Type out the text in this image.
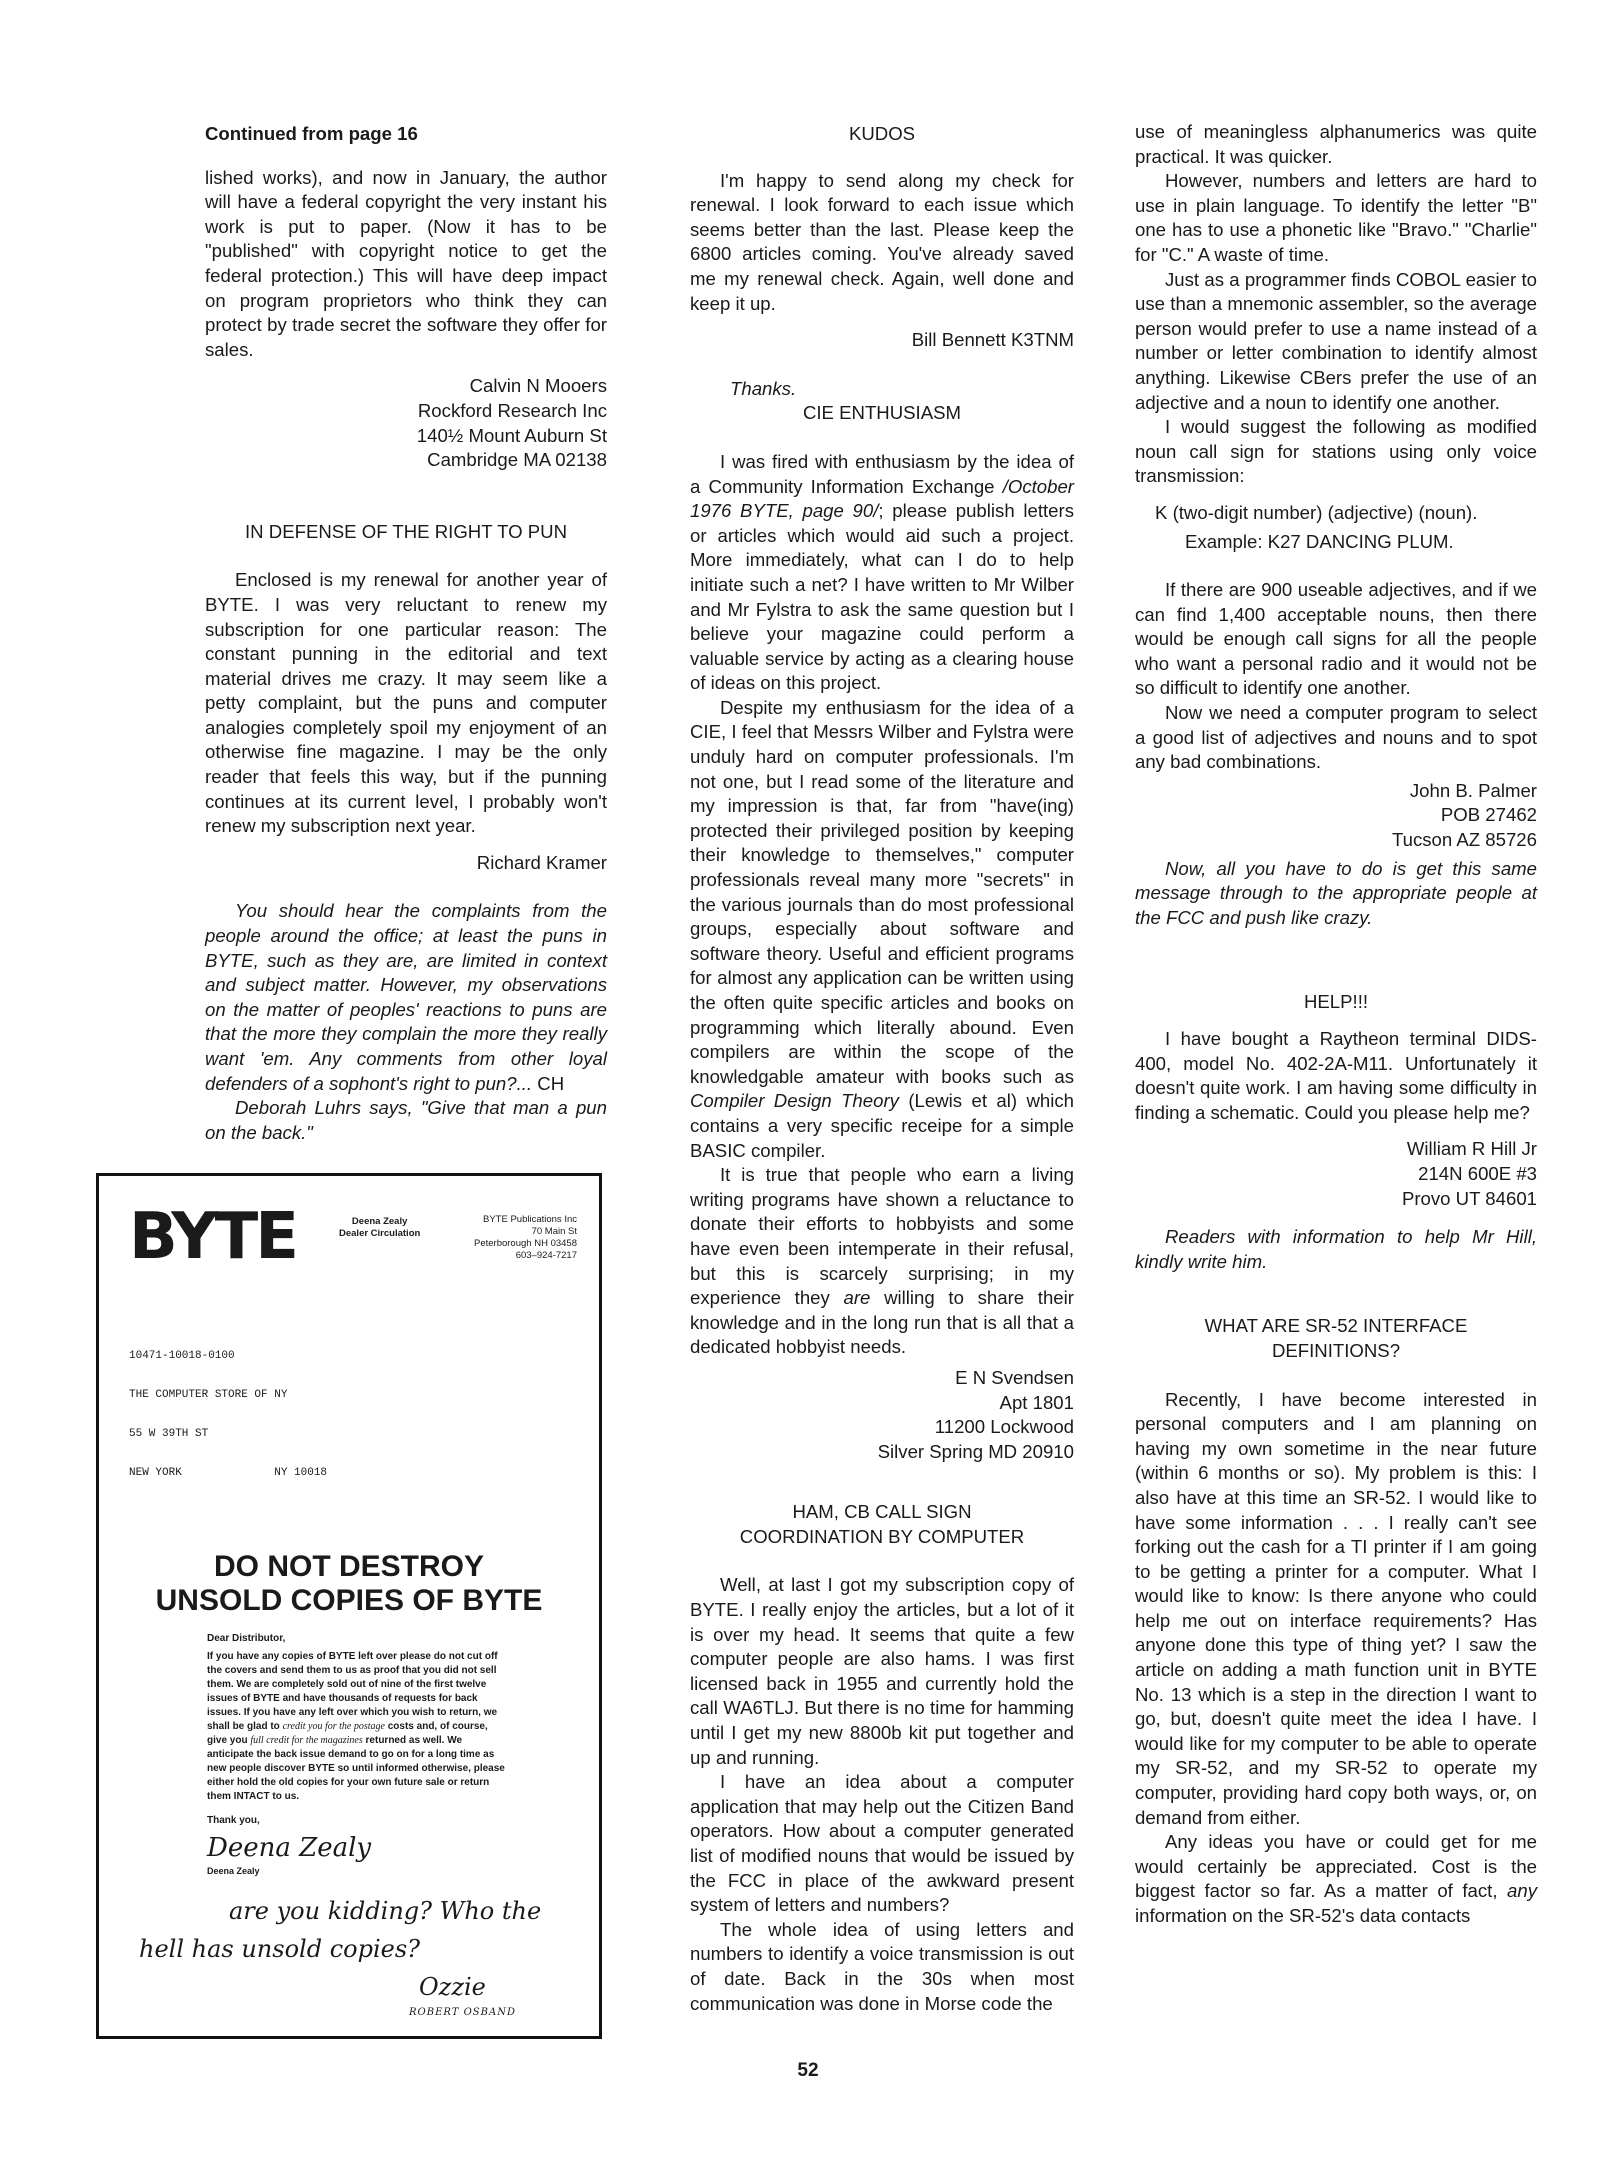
Continued from page 16

lished works), and now in January, the author will have a federal copyright the very instant his work is put to paper. (Now it has to be "published" with copyright notice to get the federal protection.) This will have deep impact on program proprietors who think they can protect by trade secret the software they offer for sales.

Calvin N Mooers

Rockford Research Inc

140½ Mount Auburn St

Cambridge MA 02138

IN DEFENSE OF THE RIGHT TO PUN

Enclosed is my renewal for another year of BYTE. I was very reluctant to renew my subscription for one particular reason: The constant punning in the editorial and text material drives me crazy. It may seem like a petty complaint, but the puns and computer analogies completely spoil my enjoyment of an otherwise fine magazine. I may be the only reader that feels this way, but if the punning continues at its current level, I probably won't renew my subscription next year.

Richard Kramer

You should hear the complaints from the people around the office; at least the puns in BYTE, such as they are, are limited in context and subject matter. However, my observations on the matter of peoples' reactions to puns are that the more they complain the more they really want 'em. Any comments from other loyal defenders of a sophont's right to pun?... CH

Deborah Luhrs says, "Give that man a pun on the back."

BYTE	Deena Zealy
Dealer Circulation
BYTE Publications Inc
70 Main St
Peterborough NH 03458
603–924-7217

10471-10018-0100

THE COMPUTER STORE OF NY

55 W 39TH ST

NEW YORK              NY 10018

DO NOT DESTROY
UNSOLD COPIES OF BYTE
Dear Distributor,
If you have any copies of BYTE left over please do not cut off the covers and send them to us as proof that you did not sell them. We are completely sold out of nine of the first twelve issues of BYTE and have thousands of requests for back issues. If you have any left over which you wish to return, we shall be glad to credit you for the postage costs and, of course, give you full credit for the magazines returned as well. We anticipate the back issue demand to go on for a long time as new people discover BYTE so until informed otherwise, please either hold the old copies for your own future sale or return them INTACT to us.
Thank you,
Deena Zealy
Deena Zealy
are you kidding? Who the
hell has unsold copies?
Ozzie
ROBERT OSBAND
KUDOS

I'm happy to send along my check for renewal. I look forward to each issue which seems better than the last. Please keep the 6800 articles coming. You've already saved me my renewal check. Again, well done and keep it up.

Bill Bennett K3TNM

Thanks.

CIE ENTHUSIASM

I was fired with enthusiasm by the idea of a Community Information Exchange /October 1976 BYTE, page 90/; please publish letters or articles which would aid such a project. More immediately, what can I do to help initiate such a net? I have written to Mr Wilber and Mr Fylstra to ask the same question but I believe your magazine could perform a valuable service by acting as a clearing house of ideas on this project.

Despite my enthusiasm for the idea of a CIE, I feel that Messrs Wilber and Fylstra were unduly hard on computer professionals. I'm not one, but I read some of the literature and my impression is that, far from "have(ing) protected their privileged position by keeping their knowledge to themselves," computer professionals reveal many more "secrets" in the various journals than do most professional groups, especially about software and software theory. Useful and efficient programs for almost any application can be written using the often quite specific articles and books on programming which literally abound. Even compilers are within the scope of the knowledgable amateur with books such as Compiler Design Theory (Lewis et al) which contains a very specific receipe for a simple BASIC compiler.

It is true that people who earn a living writing programs have shown a reluctance to donate their efforts to hobbyists and some have even been intemperate in their refusal, but this is scarcely surprising; in my experience they are willing to share their knowledge and in the long run that is all that a dedicated hobbyist needs.

E N Svendsen

Apt 1801

11200 Lockwood

Silver Spring MD 20910

HAM, CB CALL SIGN
COORDINATION BY COMPUTER

Well, at last I got my subscription copy of BYTE. I really enjoy the articles, but a lot of it is over my head. It seems that quite a few computer people are also hams. I was first licensed back in 1955 and currently hold the call WA6TLJ. But there is no time for hamming until I get my new 8800b kit put together and up and running.

I have an idea about a computer application that may help out the Citizen Band operators. How about a computer generated list of modified nouns that would be issued by the FCC in place of the awkward present system of letters and numbers?

The whole idea of using letters and numbers to identify a voice transmission is out of date. Back in the 30s when most communication was done in Morse code the

use of meaningless alphanumerics was quite practical. It was quicker.

However, numbers and letters are hard to use in plain language. To identify the letter "B" one has to use a phonetic like "Bravo." "Charlie" for "C." A waste of time.

Just as a programmer finds COBOL easier to use than a mnemonic assembler, so the average person would prefer to use a name instead of a number or letter combination to identify almost anything. Likewise CBers prefer the use of an adjective and a noun to identify one another.

I would suggest the following as modified noun call sign for stations using only voice transmission:

K (two-digit number) (adjective) (noun).

Example: K27 DANCING PLUM.

If there are 900 useable adjectives, and if we can find 1,400 acceptable nouns, then there would be enough call signs for all the people who want a personal radio and it would not be so difficult to identify one another.

Now we need a computer program to select a good list of adjectives and nouns and to spot any bad combinations.

John B. Palmer

POB 27462

Tucson AZ 85726

Now, all you have to do is get this same message through to the appropriate people at the FCC and push like crazy.

HELP!!!

I have bought a Raytheon terminal DIDS-400, model No. 402-2A-M11. Unfortunately it doesn't quite work. I am having some difficulty in finding a schematic. Could you please help me?

William R Hill Jr

214N 600E #3

Provo UT 84601

Readers with information to help Mr Hill, kindly write him.

WHAT ARE SR-52 INTERFACE
DEFINITIONS?

Recently, I have become interested in personal computers and I am planning on having my own sometime in the near future (within 6 months or so). My problem is this: I also have at this time an SR-52. I would like to have some information . . . I really can't see forking out the cash for a TI printer if I am going to be getting a printer for a computer. What I would like to know: Is there anyone who could help me out on interface requirements? Has anyone done this type of thing yet? I saw the article on adding a math function unit in BYTE No. 13 which is a step in the direction I want to go, but, doesn't quite meet the idea I have. I would like for my computer to be able to operate my SR-52, and my SR-52 to operate my computer, providing hard copy both ways, or, on demand from either.

Any ideas you have or could get for me would certainly be appreciated. Cost is the biggest factor so far. As a matter of fact, any information on the SR-52's data contacts

52
